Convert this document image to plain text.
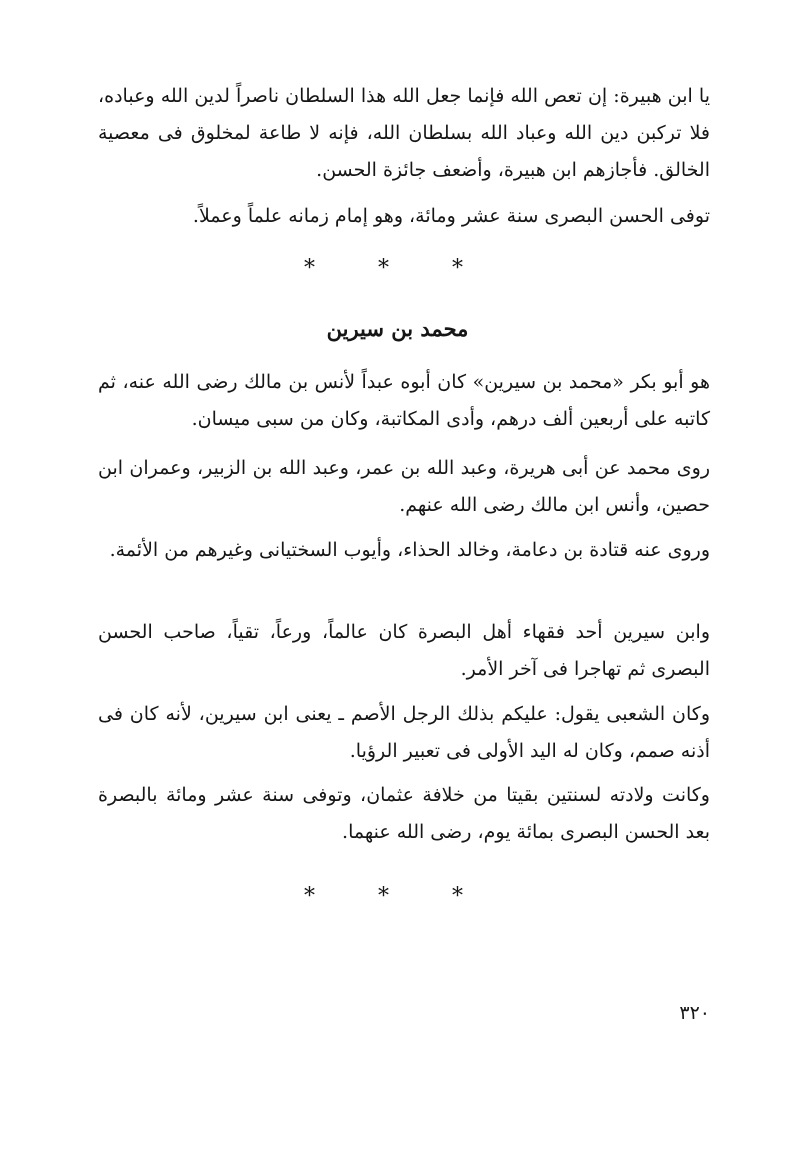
يا ابن هبيرة: إن تعص الله فإنما جعل الله هذا السلطان ناصراً لدين الله وعباده، فلا تركبن دين الله وعباد الله بسلطان الله، فإنه لا طاعة لمخلوق فى معصية الخالق. فأجازهم ابن هبيرة، وأضعف جائزة الحسن.

توفى الحسن البصرى سنة عشر ومائة، وهو إمام زمانه علماً وعملاً.

* * *
محمد بن سيرين

هو أبو بكر «محمد بن سيرين» كان أبوه عبداً لأنس بن مالك رضى الله عنه، ثم كاتبه على أربعين ألف درهم، وأدى المكاتبة، وكان من سبى ميسان.

روى محمد عن أبى هريرة، وعبد الله بن عمر، وعبد الله بن الزبير، وعمران ابن حصين، وأنس ابن مالك رضى الله عنهم.

وروى عنه قتادة بن دعامة، وخالد الحذاء، وأيوب السختيانى وغيرهم من الأئمة.

وابن سيرين أحد فقهاء أهل البصرة كان عالماً، ورعاً، تقياً، صاحب الحسن البصرى ثم تهاجرا فى آخر الأمر.

وكان الشعبى يقول: عليكم بذلك الرجل الأصم ـ يعنى ابن سيرين، لأنه كان فى أذنه صمم، وكان له اليد الأولى فى تعبير الرؤيا.

وكانت ولادته لسنتين بقيتا من خلافة عثمان، وتوفى سنة عشر ومائة بالبصرة بعد الحسن البصرى بمائة يوم، رضى الله عنهما.

* * *
٣٢٠
